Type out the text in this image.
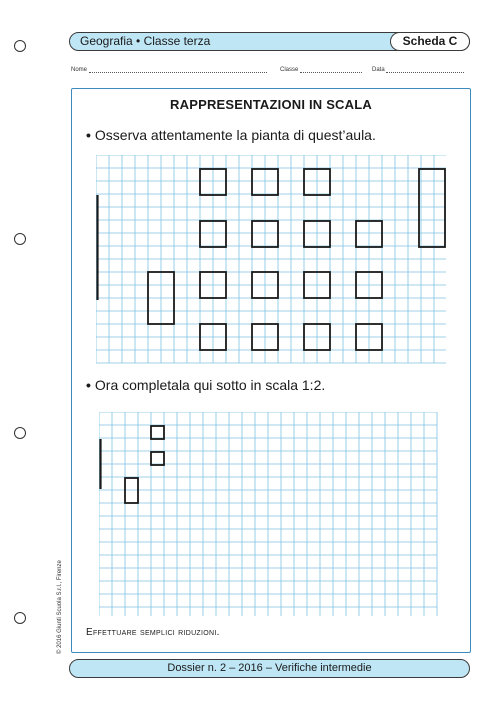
Geografia • Classe terza	Scheda C
Nome	Classe	Data
RAPPRESENTAZIONI IN SCALA
• Osserva attentamente la pianta di quest’aula.
• Ora completala qui sotto in scala 1:2.
Effettuare semplici riduzioni.
© 2016 Giunti Scuola S.r.l., Firenze
Dossier n. 2 – 2016 – Verifiche intermedie
